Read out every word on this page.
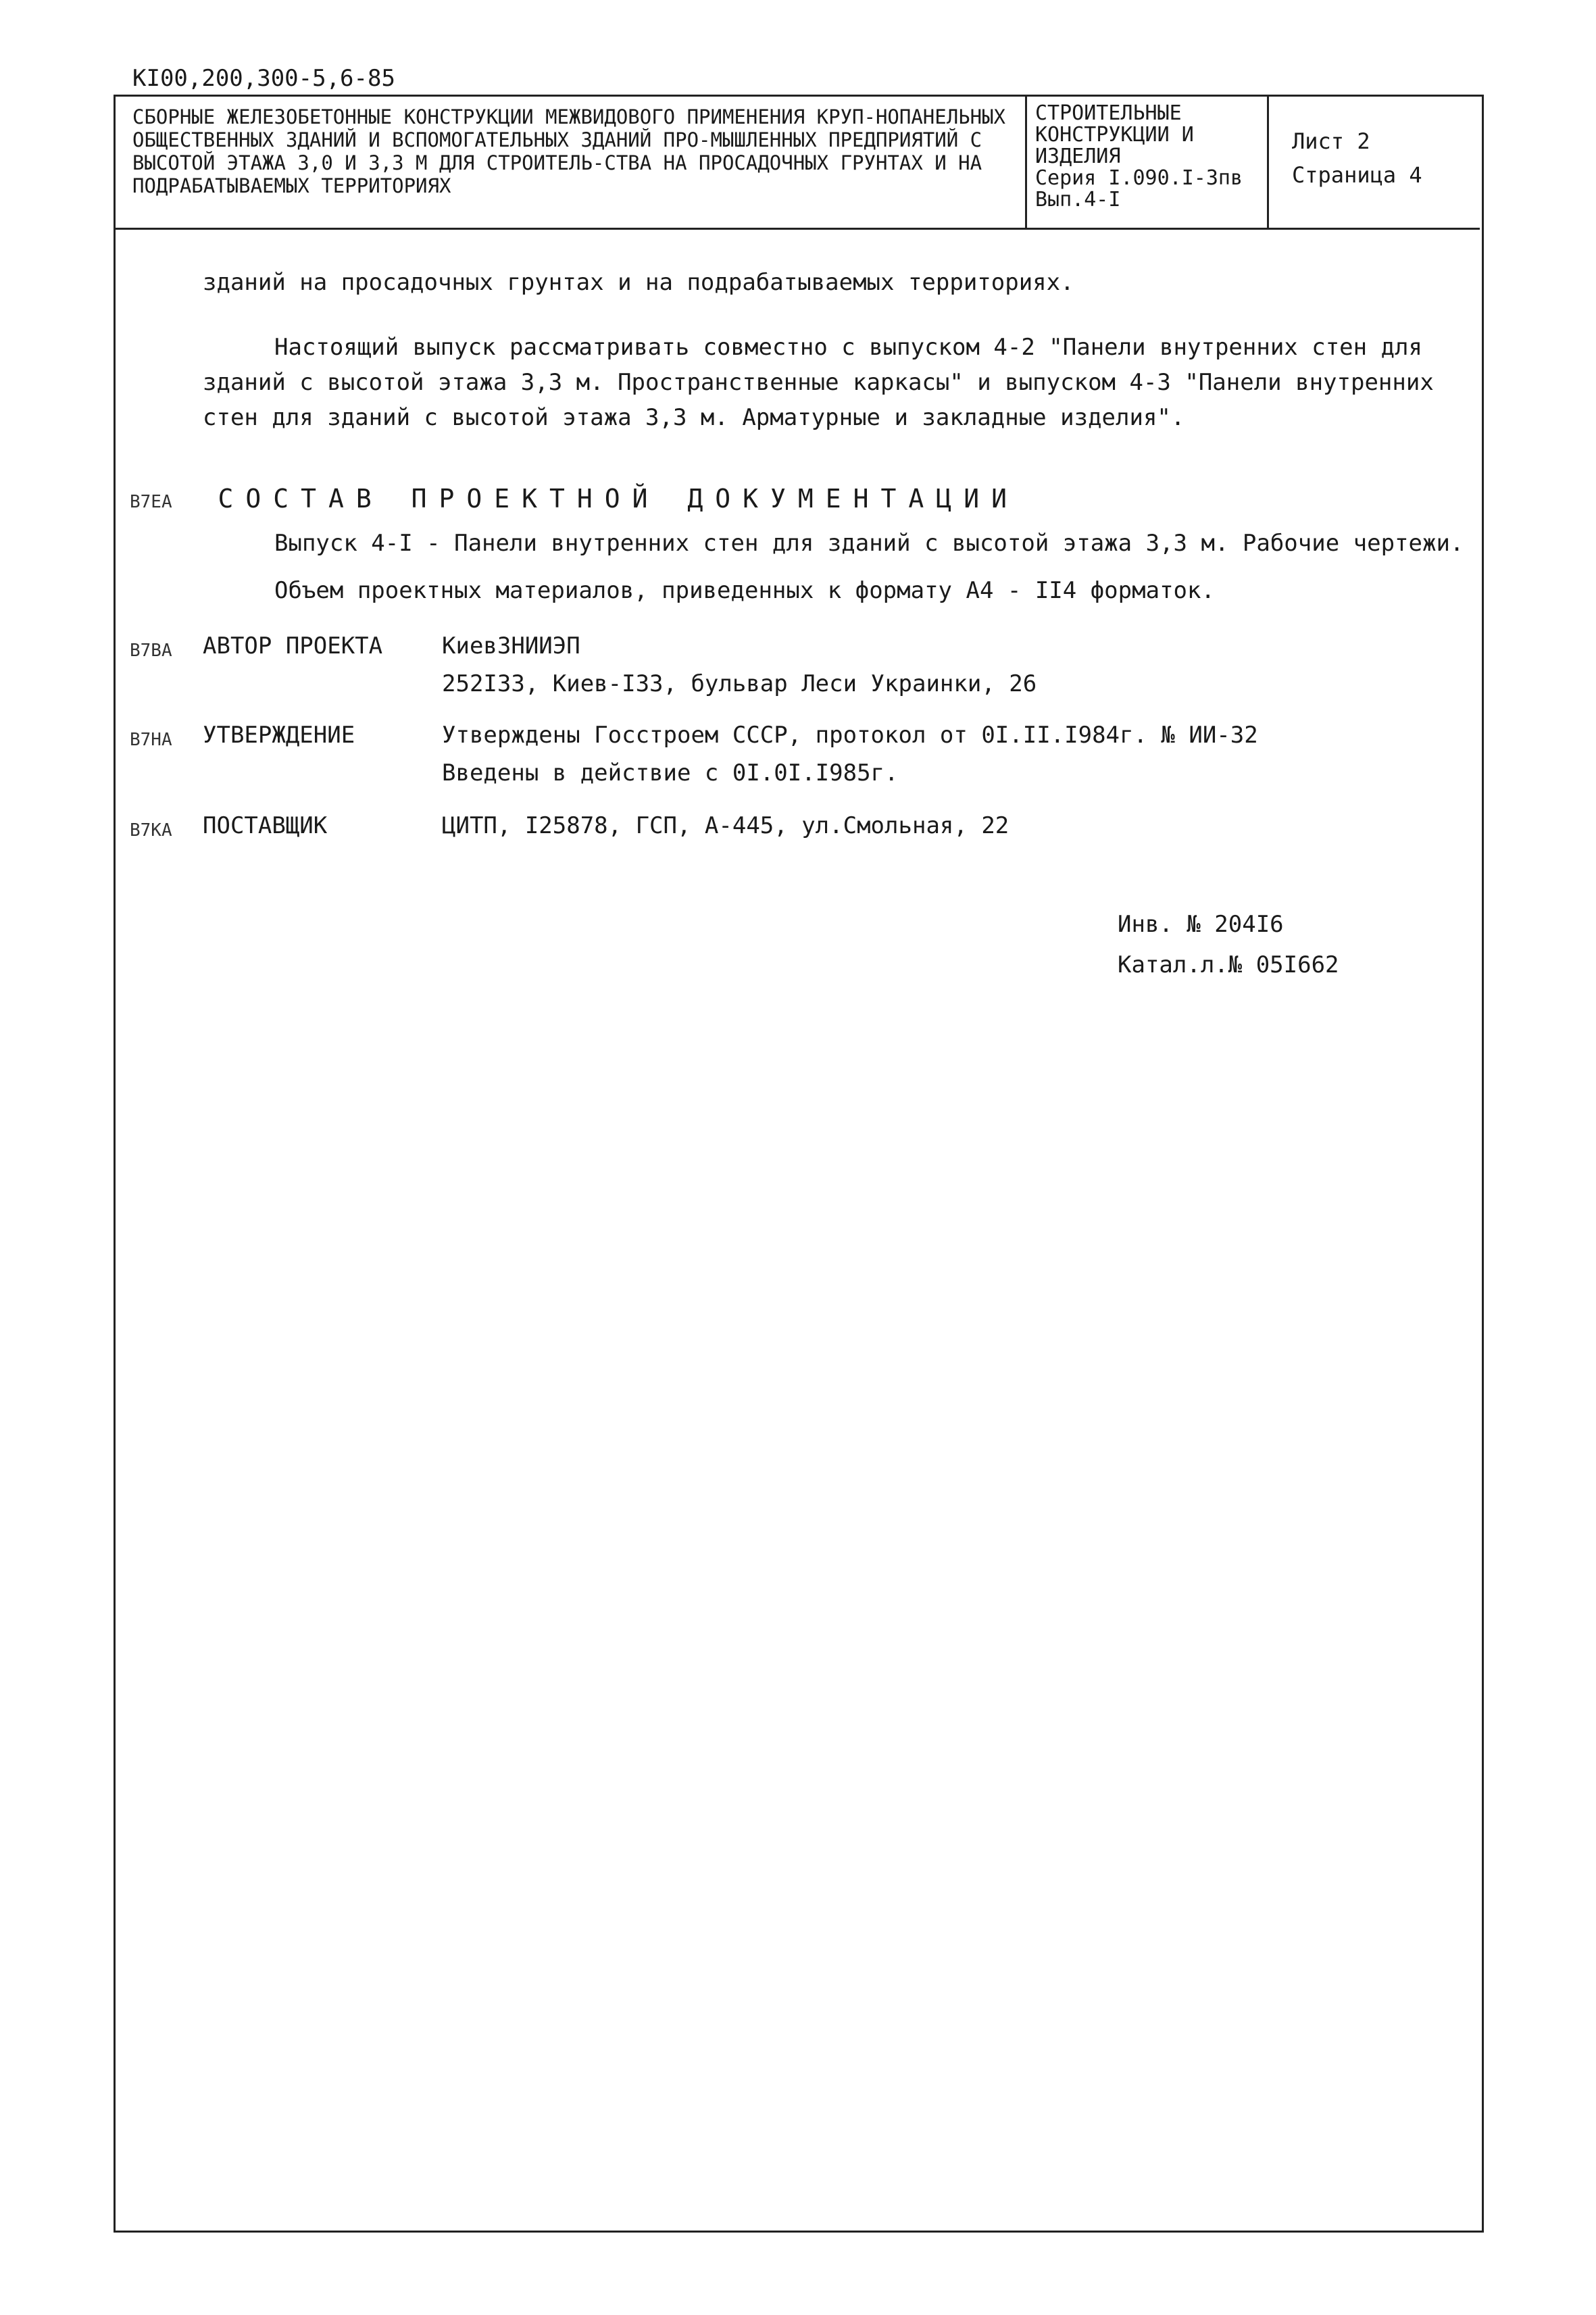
КI00,200,300-5,6-85
СБОРНЫЕ ЖЕЛЕЗОБЕТОННЫЕ КОНСТРУКЦИИ МЕЖВИДОВОГО ПРИМЕНЕНИЯ КРУП-НОПАНЕЛЬНЫХ ОБЩЕСТВЕННЫХ ЗДАНИЙ И ВСПОМОГАТЕЛЬНЫХ ЗДАНИЙ ПРО-МЫШЛЕННЫХ ПРЕДПРИЯТИЙ С ВЫСОТОЙ ЭТАЖА 3,0 И 3,3 М ДЛЯ СТРОИТЕЛЬ-СТВА НА ПРОСАДОЧНЫХ ГРУНТАХ И НА ПОДРАБАТЫВАЕМЫХ ТЕРРИТОРИЯХ
СТРОИТЕЛЬНЫЕ
КОНСТРУКЦИИ И
ИЗДЕЛИЯ
Серия I.090.I-3пв
Вып.4-I
Лист 2
Страница 4
зданий на просадочных грунтах и на подрабатываемых территориях.
Настоящий выпуск рассматривать совместно с выпуском 4-2 "Панели внутренних стен для зданий с высотой этажа 3,3 м. Пространственные каркасы" и выпуском 4-3 "Панели внутренних стен для зданий с высотой этажа 3,3 м. Арматурные и закладные изделия".
В7ЕА СОСТАВ ПРОЕКТНОЙ ДОКУМЕНТАЦИИ
Выпуск 4-I - Панели внутренних стен для зданий с высотой этажа 3,3 м. Рабочие чертежи.
Объем проектных материалов, приведенных к формату А4 - II4 форматок.
В7ВА	АВТОР ПРОЕКТА	КиевЗНИИЭП
252I33, Киев-I33, бульвар Леси Украинки, 26
В7НА	УТВЕРЖДЕНИЕ	Утверждены Госстроем СССР, протокол от 0I.II.I984г. № ИИ-32
Введены в действие с 0I.0I.I985г.
В7КА	ПОСТАВЩИК	ЦИТП, I25878, ГСП, А-445, ул.Смольная, 22
Инв. № 204I6
Катал.л.№ 05I662
